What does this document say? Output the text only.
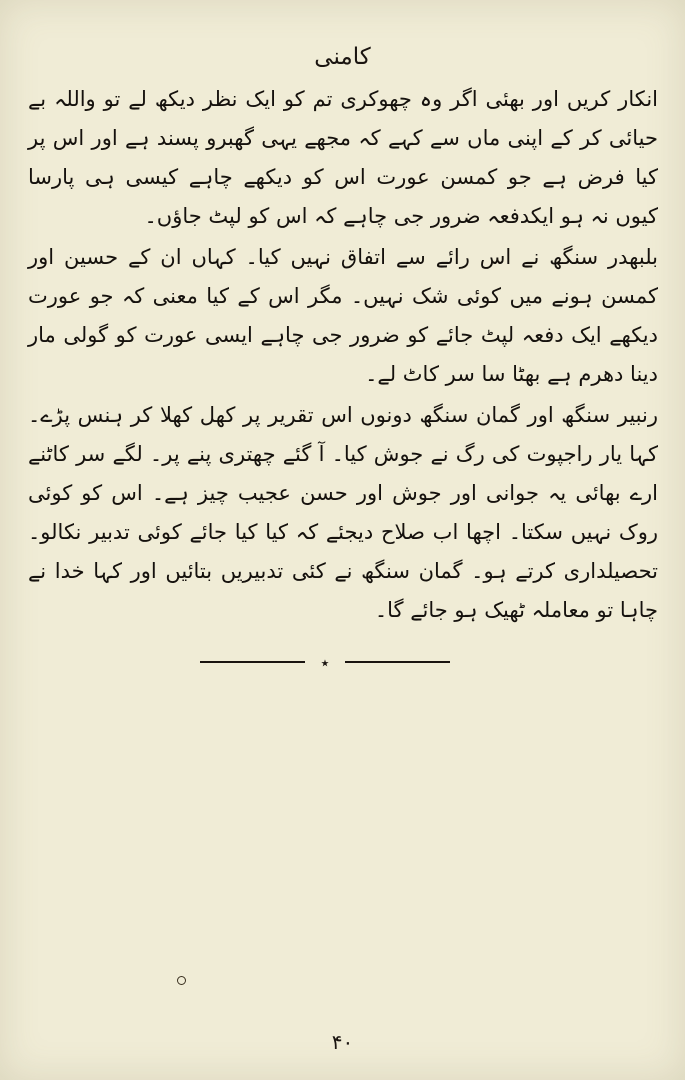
کامنی

انکار کریں اور بھئی اگر وہ چھوکری تم کو ایک نظر دیکھ لے تو واللہ بے حیائی کر کے اپنی ماں سے کہے کہ مجھے یہی گھبرو پسند ہے اور اس پر کیا فرض ہے جو کمسن عورت اس کو دیکھے چاہے کیسی ہی پارسا کیوں نہ ہو ایکدفعہ ضرور جی چاہے کہ اس کو لپٹ جاؤں۔

بلبھدر سنگھ نے اس رائے سے اتفاق نہیں کیا۔ کہاں ان کے حسین اور کمسن ہونے میں کوئی شک نہیں۔ مگر اس کے کیا معنی کہ جو عورت دیکھے ایک دفعہ لپٹ جائے کو ضرور جی چاہے ایسی عورت کو گولی مار دینا دھرم ہے بھٹا سا سر کاٹ لے۔

رنبیر سنگھ اور گمان سنگھ دونوں اس تقریر پر کھل کھلا کر ہنس پڑے۔ کہا یار راجپوت کی رگ نے جوش کیا۔ آ گئے چھتری پنے پر۔ لگے سر کاٹنے ارے بھائی یہ جوانی اور جوش اور حسن عجیب چیز ہے۔ اس کو کوئی روک نہیں سکتا۔ اچھا اب صلاح دیجئے کہ کیا کیا جائے کوئی تدبیر نکالو۔ تحصیلداری کرتے ہو۔ گمان سنگھ نے کئی تدبیریں بتائیں اور کہا خدا نے چاہا تو معاملہ ٹھیک ہو جائے گا۔

٭
۴۰
